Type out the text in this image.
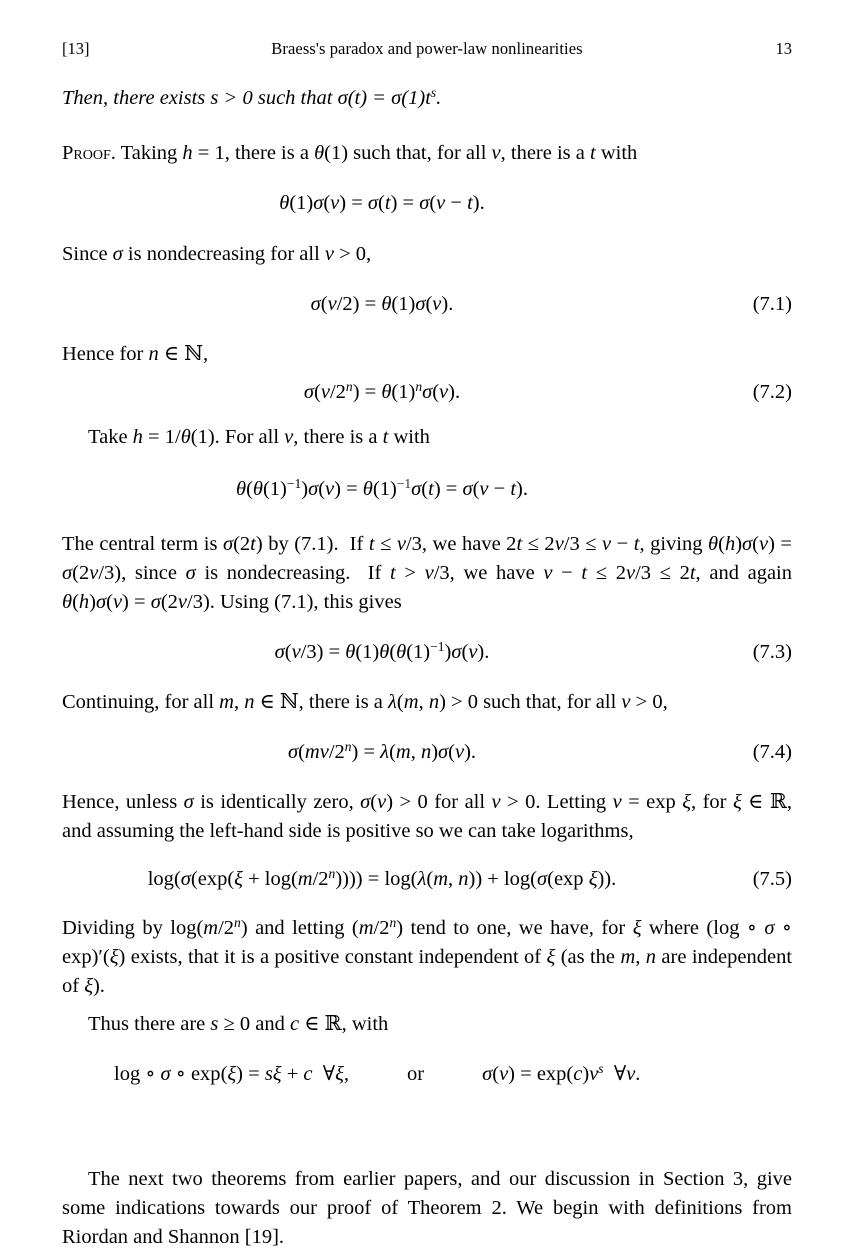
[13]	Braess's paradox and power-law nonlinearities	13
Then, there exists s > 0 such that $\sigma(t) = \sigma(1)t^s$.
Proof. Taking h = 1, there is a θ(1) such that, for all v, there is a t with
θ(1)σ(v) = σ(t) = σ(v − t).
Since σ is nondecreasing for all v > 0,
σ(v/2) = θ(1)σ(v).	(7.1)
Hence for n ∈ ℕ,
$\sigma(v/2^n) = \theta(1)^n\sigma(v)$.	(7.2)
Take h = 1/θ(1). For all v, there is a t with
$\theta(\theta(1)^{-1})\sigma(v) = \theta(1)^{-1}\sigma(t) = \sigma(v - t)$.
The central term is σ(2t) by (7.1).  If t ≤ v/3, we have 2t ≤ 2v/3 ≤ v − t, giving θ(h)σ(v) = σ(2v/3), since σ is nondecreasing.  If t > v/3, we have v − t ≤ 2v/3 ≤ 2t, and again θ(h)σ(v) = σ(2v/3). Using (7.1), this gives
$\sigma(v/3) = \theta(1)\theta(\theta(1)^{-1})\sigma(v)$.	(7.3)
Continuing, for all m, n ∈ ℕ, there is a λ(m, n) > 0 such that, for all v > 0,
$\sigma(mv/2^n) = \lambda(m$, n)σ(v).	(7.4)
Hence, unless σ is identically zero, σ(v) > 0 for all v > 0. Letting v = exp ξ, for ξ ∈ ℝ, and assuming the left-hand side is positive so we can take logarithms,
$\log(\sigma(\exp(\xi + \log(m/2^n)))) = \log(\lambda(m$, n)) + log(σ(exp ξ)).	(7.5)
Dividing by log(m/2$^n$) and letting (m/2$^n$) tend to one, we have, for ξ where (log ∘ σ ∘ exp)′(ξ) exists, that it is a positive constant independent of ξ (as the m, n are independent of ξ).
Thus there are s ≥ 0 and c ∈ ℝ, with
log ∘ σ ∘ exp(ξ) = sξ + c  ∀ξ,	or	$\sigma(v) = \exp(c)v^s$  ∀v.
The next two theorems from earlier papers, and our discussion in Section 3, give some indications towards our proof of Theorem 2. We begin with definitions from Riordan and Shannon [19].
